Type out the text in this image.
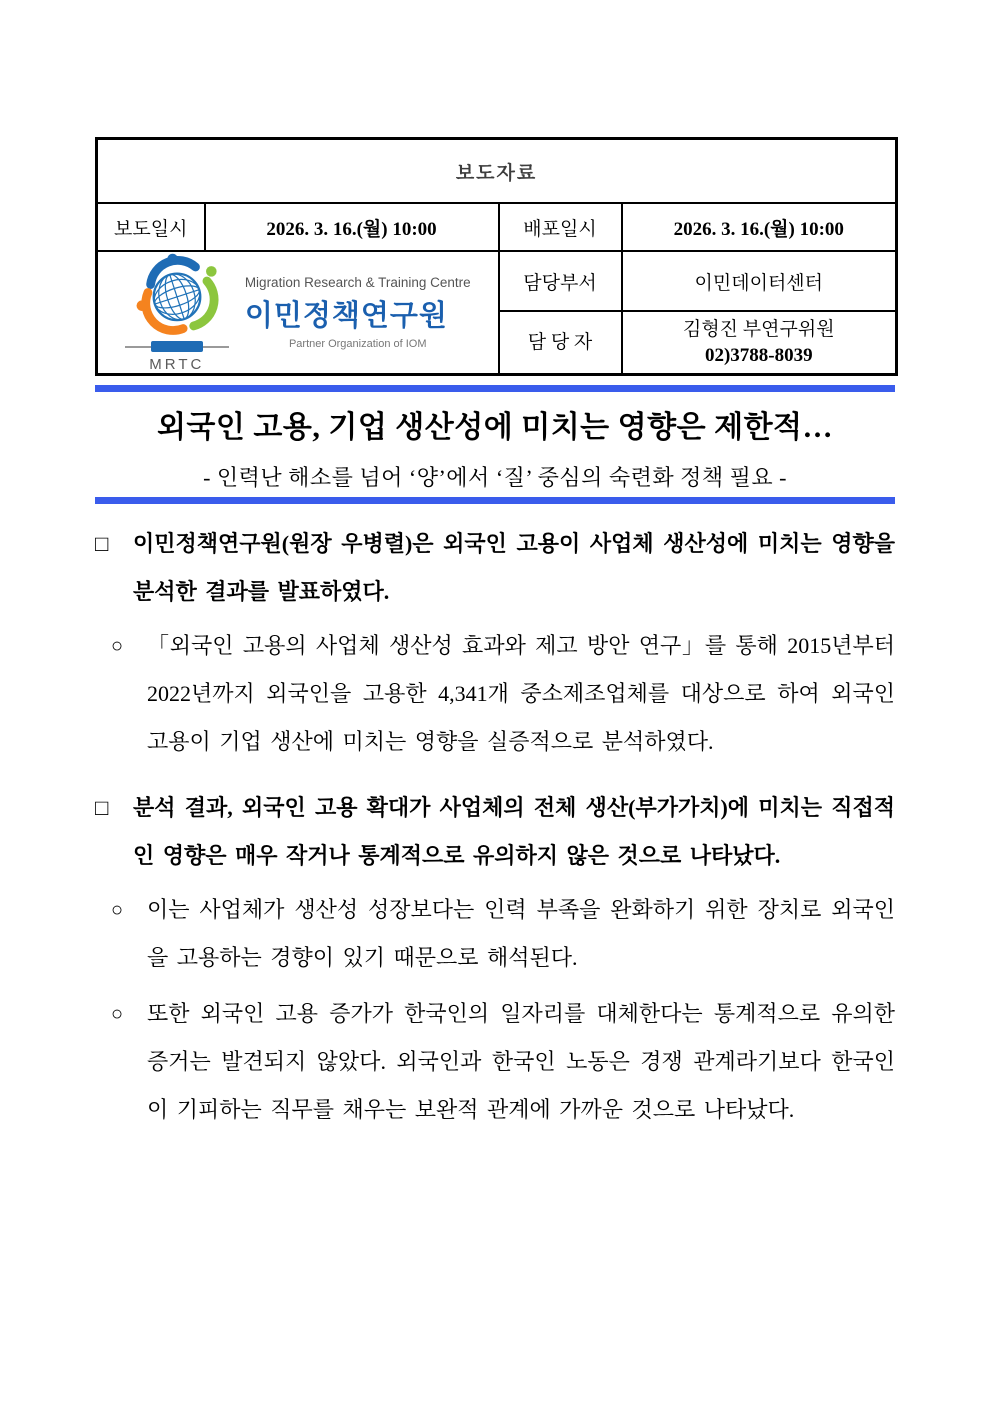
보도자료			
보도일시	2026. 3. 16.(월) 10:00	배포일시	2026. 3. 16.(월) 10:00

MRTC
Migration Research & Training Centre
이민정책연구원
Partner Organization of IOM		담당부서	이민데이터센터
		담 당 자	김형진 부연구위원
02)3788-8039
외국인 고용, 기업 생산성에 미치는 영향은 제한적…
- 인력난 해소를 넘어 ‘양’에서 ‘질’ 중심의 숙련화 정책 필요 -
□	이민정책연구원(원장 우병렬)은 외국인 고용이 사업체 생산성에 미치는 영향을 분석한 결과를 발표하였다.
○	「외국인 고용의 사업체 생산성 효과와 제고 방안 연구」를 통해 2015년부터 2022년까지 외국인을 고용한 4,341개 중소제조업체를 대상으로 하여 외국인 고용이 기업 생산에 미치는 영향을 실증적으로 분석하였다.
□	분석 결과, 외국인 고용 확대가 사업체의 전체 생산(부가가치)에 미치는 직접적인 영향은 매우 작거나 통계적으로 유의하지 않은 것으로 나타났다.
○	이는 사업체가 생산성 성장보다는 인력 부족을 완화하기 위한 장치로 외국인을 고용하는 경향이 있기 때문으로 해석된다.
○	또한 외국인 고용 증가가 한국인의 일자리를 대체한다는 통계적으로 유의한 증거는 발견되지 않았다. 외국인과 한국인 노동은 경쟁 관계라기보다 한국인이 기피하는 직무를 채우는 보완적 관계에 가까운 것으로 나타났다.
